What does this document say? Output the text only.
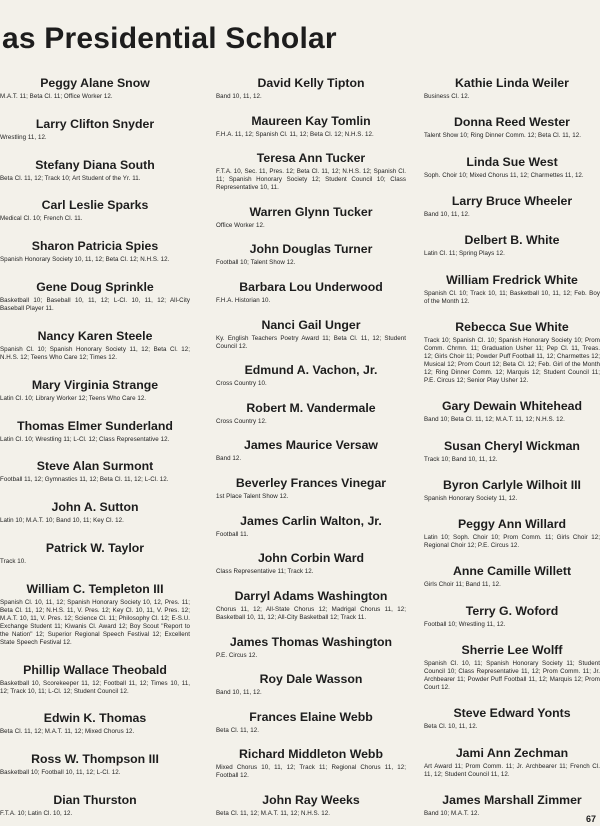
as Presidential Scholar
Peggy Alane Snow
M.A.T. 11; Beta Cl. 11; Office Worker 12.
Larry Clifton Snyder
Wrestling 11, 12.
Stefany Diana South
Beta Cl. 11, 12; Track 10; Art Student of the Yr. 11.
Carl Leslie Sparks
Medical Cl. 10; French Cl. 11.
Sharon Patricia Spies
Spanish Honorary Society 10, 11, 12; Beta Cl. 12; N.H.S. 12.
Gene Doug Sprinkle
Basketball 10; Baseball 10, 11, 12; L-Cl. 10, 11, 12; All-City Baseball Player 11.
Nancy Karen Steele
Spanish Cl. 10; Spanish Honorary Society 11, 12; Beta Cl. 12; N.H.S. 12; Teens Who Care 12; Times 12.
Mary Virginia Strange
Latin Cl. 10; Library Worker 12; Teens Who Care 12.
Thomas Elmer Sunderland
Latin Cl. 10; Wrestling 11; L-Cl. 12; Class Representative 12.
Steve Alan Surmont
Football 11, 12; Gymnastics 11, 12; Beta Cl. 11, 12; L-Cl. 12.
John A. Sutton
Latin 10; M.A.T. 10; Band 10, 11; Key Cl. 12.
Patrick W. Taylor
Track 10.
William C. Templeton III
Spanish Cl. 10, 11, 12; Spanish Honorary Society 10, 12, Pres. 11; Beta Cl. 11, 12; N.H.S. 11, V. Pres. 12; Key Cl. 10, 11, V. Pres. 12; M.A.T. 10, 11, V. Pres. 12; Science Cl. 11; Philosophy Cl. 12; E-S.U. Exchange Student 11; Kiwanis Cl. Award 12; Boy Scout "Report to the Nation" 12; Superior Regional Speech Festival 12; Excellent State Speech Festival 12.
Phillip Wallace Theobald
Basketball 10, Scorekeeper 11, 12; Football 11, 12; Times 10, 11, 12; Track 10, 11; L-Cl. 12; Student Council 12.
Edwin K. Thomas
Beta Cl. 11, 12; M.A.T. 11, 12; Mixed Chorus 12.
Ross W. Thompson III
Basketball 10; Football 10, 11, 12; L-Cl. 12.
Dian Thurston
F.T.A. 10; Latin Cl. 10, 12.
David Kelly Tipton
Band 10, 11, 12.
Maureen Kay Tomlin
F.H.A. 11, 12; Spanish Cl. 11, 12; Beta Cl. 12; N.H.S. 12.
Teresa Ann Tucker
F.T.A. 10, Sec. 11, Pres. 12; Beta Cl. 11, 12; N.H.S. 12; Spanish Cl. 11; Spanish Honorary Society 12; Student Council 10; Class Representative 10, 11.
Warren Glynn Tucker
Office Worker 12.
John Douglas Turner
Football 10; Talent Show 12.
Barbara Lou Underwood
F.H.A. Historian 10.
Nanci Gail Unger
Ky. English Teachers Poetry Award 11; Beta Cl. 11, 12; Student Council 12.
Edmund A. Vachon, Jr.
Cross Country 10.
Robert M. Vandermale
Cross Country 12.
James Maurice Versaw
Band 12.
Beverley Frances Vinegar
1st Place Talent Show 12.
James Carlin Walton, Jr.
Football 11.
John Corbin Ward
Class Representative 11; Track 12.
Darryl Adams Washington
Chorus 11, 12; All-State Chorus 12; Madrigal Chorus 11, 12; Basketball 10, 11, 12; All-City Basketball 12; Track 11.
James Thomas Washington
P.E. Circus 12.
Roy Dale Wasson
Band 10, 11, 12.
Frances Elaine Webb
Beta Cl. 11, 12.
Richard Middleton Webb
Mixed Chorus 10, 11, 12; Track 11; Regional Chorus 11, 12; Football 12.
John Ray Weeks
Beta Cl. 11, 12; M.A.T. 11, 12; N.H.S. 12.
Kathie Linda Weiler
Business Cl. 12.
Donna Reed Wester
Talent Show 10; Ring Dinner Comm. 12; Beta Cl. 11, 12.
Linda Sue West
Soph. Choir 10; Mixed Chorus 11, 12; Charmettes 11, 12.
Larry Bruce Wheeler
Band 10, 11, 12.
Delbert B. White
Latin Cl. 11; Spring Plays 12.
William Fredrick White
Spanish Cl. 10; Track 10, 11; Basketball 10, 11, 12; Feb. Boy of the Month 12.
Rebecca Sue White
Track 10; Spanish Cl. 10; Spanish Honorary Society 10; Prom Comm. Chrmn. 11; Graduation Usher 11; Pep Cl. 11, Treas. 12; Girls Choir 11; Powder Puff Football 11, 12; Charmettes 12; Musical 12; Prom Court 12; Beta Cl. 12; Feb. Girl of the Month 12; Ring Dinner Comm. 12; Marquis 12; Student Council 11; P.E. Circus 12; Senior Play Usher 12.
Gary Dewain Whitehead
Band 10; Beta Cl. 11, 12; M.A.T. 11, 12; N.H.S. 12.
Susan Cheryl Wickman
Track 10; Band 10, 11, 12.
Byron Carlyle Wilhoit III
Spanish Honorary Society 11, 12.
Peggy Ann Willard
Latin 10; Soph. Choir 10; Prom Comm. 11; Girls Choir 12; Regional Choir 12; P.E. Circus 12.
Anne Camille Willett
Girls Choir 11; Band 11, 12.
Terry G. Woford
Football 10; Wrestling 11, 12.
Sherrie Lee Wolff
Spanish Cl. 10, 11; Spanish Honorary Society 11; Student Council 10; Class Representative 11, 12; Prom Comm. 11; Jr. Archbearer 11; Powder Puff Football 11, 12; Marquis 12; Prom Court 12.
Steve Edward Yonts
Beta Cl. 10, 11, 12.
Jami Ann Zechman
Art Award 11; Prom Comm. 11; Jr. Archbearer 11; French Cl. 11, 12; Student Council 11, 12.
James Marshall Zimmer
Band 10; M.A.T. 12.
67
